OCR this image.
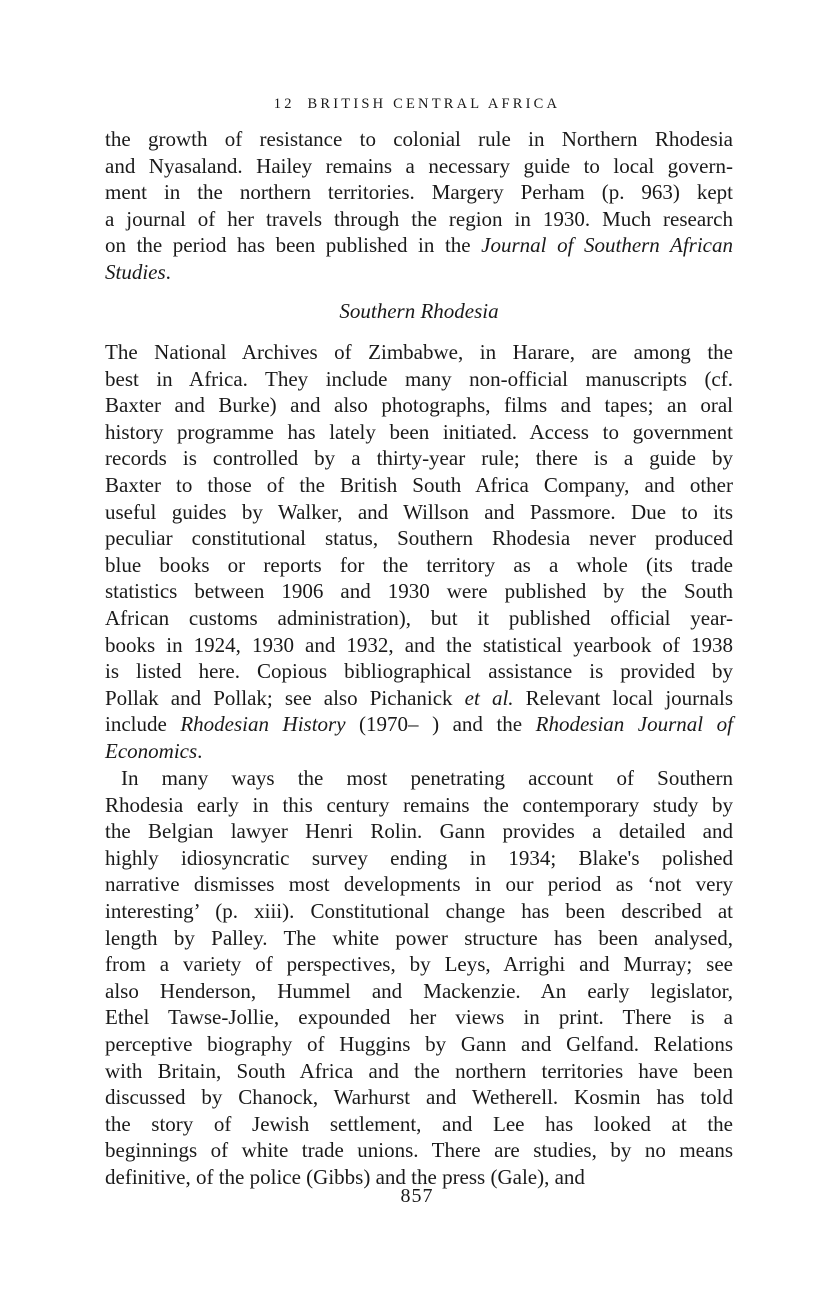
12 BRITISH CENTRAL AFRICA
the growth of resistance to colonial rule in Northern Rhodesia
and Nyasaland. Hailey remains a necessary guide to local govern-
ment in the northern territories. Margery Perham (p. 963) kept
a journal of her travels through the region in 1930. Much research
on the period has been published in the Journal of Southern African
Studies.
The National Archives of Zimbabwe, in Harare, are among the
best in Africa. They include many non-official manuscripts (cf.
Baxter and Burke) and also photographs, films and tapes; an oral
history programme has lately been initiated. Access to government
records is controlled by a thirty-year rule; there is a guide by
Baxter to those of the British South Africa Company, and other
useful guides by Walker, and Willson and Passmore. Due to its
peculiar constitutional status, Southern Rhodesia never produced
blue books or reports for the territory as a whole (its trade
statistics between 1906 and 1930 were published by the South
African customs administration), but it published official year-
books in 1924, 1930 and 1932, and the statistical yearbook of 1938
is listed here. Copious bibliographical assistance is provided by
Pollak and Pollak; see also Pichanick et al. Relevant local journals
include Rhodesian History (1970– ) and the Rhodesian Journal of
Economics.
In many ways the most penetrating account of Southern
Rhodesia early in this century remains the contemporary study by
the Belgian lawyer Henri Rolin. Gann provides a detailed and
highly idiosyncratic survey ending in 1934; Blake's polished
narrative dismisses most developments in our period as ‘not very
interesting’ (p. xiii). Constitutional change has been described at
length by Palley. The white power structure has been analysed,
from a variety of perspectives, by Leys, Arrighi and Murray; see
also Henderson, Hummel and Mackenzie. An early legislator,
Ethel Tawse-Jollie, expounded her views in print. There is a
perceptive biography of Huggins by Gann and Gelfand. Relations
with Britain, South Africa and the northern territories have been
discussed by Chanock, Warhurst and Wetherell. Kosmin has told
the story of Jewish settlement, and Lee has looked at the
beginnings of white trade unions. There are studies, by no means
definitive, of the police (Gibbs) and the press (Gale), and
Southern Rhodesia
857
